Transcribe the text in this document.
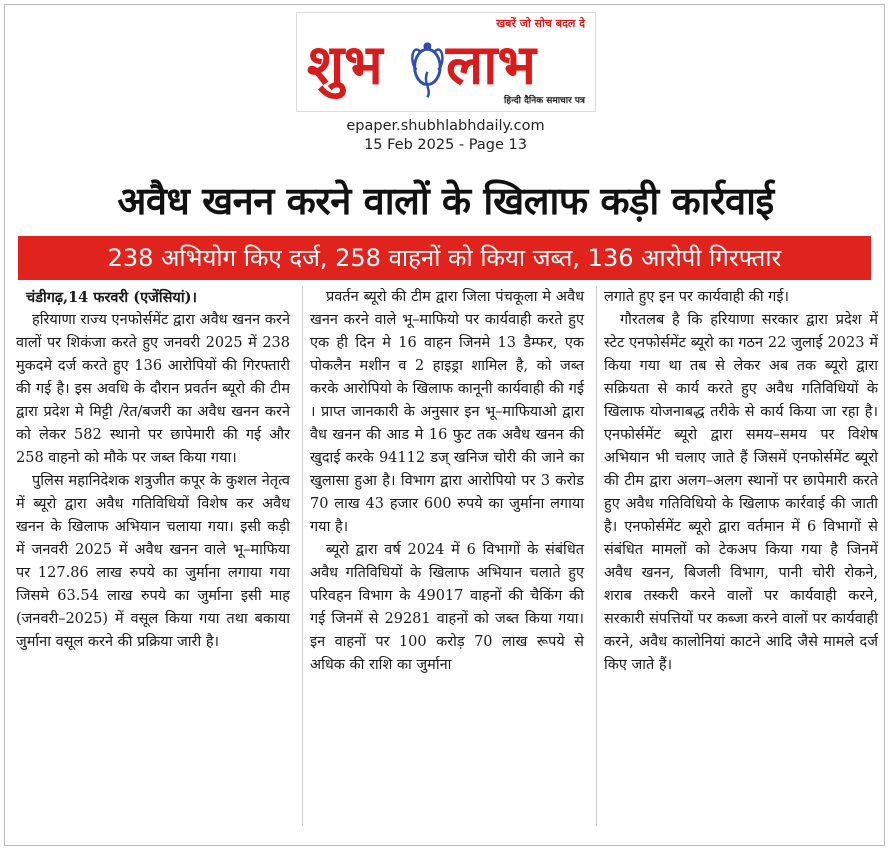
शुभ लाभ
खबरें जो सोच बदल दे
हिन्दी दैनिक समाचार पत्र
epaper.shubhlabhdaily.com
15 Feb 2025 - Page 13
अवैध खनन करने वालों के खिलाफ कड़ी कार्रवाई
238 अभियोग किए दर्ज, 258 वाहनों को किया जब्त, 136 आरोपी गिरफ्तार

चंडीगढ़,14 फरवरी (एजेंसियां)।

हरियाणा राज्य एनफोर्समेंट द्वारा अवैध खनन करने वालों पर शिकंजा करते हुए जनवरी 2025 में 238 मुकदमे दर्ज करते हुए 136 आरोपियों की गिरफ्तारी की गई है। इस अवधि के दौरान प्रवर्तन ब्यूरो की टीम द्वारा प्रदेश मे मिट्टी /रेत/बजरी का अवैध खनन करने को लेकर 582 स्थानो पर छापेमारी की गई और 258 वाहनो को मौके पर जब्त किया गया।

पुलिस महानिदेशक शत्रुजीत कपूर के कुशल नेतृत्व में ब्यूरो द्वारा अवैध गतिविधियों विशेष कर अवैध खनन के खिलाफ अभियान चलाया गया। इसी कड़ी में जनवरी 2025 में अवैध खनन वाले भू–माफिया पर 127.86 लाख रुपये का जुर्माना लगाया गया जिसमे 63.54 लाख रुपये का जुर्माना इसी माह (जनवरी–2025) में वसूल किया गया तथा बकाया जुर्माना वसूल करने की प्रक्रिया जारी है।

प्रवर्तन ब्यूरो की टीम द्वारा जिला पंचकूला मे अवैध खनन करने वाले भू–माफियो पर कार्यवाही करते हुए एक ही दिन मे 16 वाहन जिनमे 13 डैम्फर, एक पोकलैन मशीन व 2 हाइड्रा शामिल है, को जब्त करके आरोपियो के खिलाफ कानूनी कार्यवाही की गई । प्राप्त जानकारी के अनुसार इन भू–माफियाओ द्वारा वैध खनन की आड मे 16 फुट तक अवैध खनन की खुदाई करके 94112 डज् खनिज चोरी की जाने का खुलासा हुआ है। विभाग द्वारा आरोपियो पर 3 करोड 70 लाख 43 हजार 600 रुपये का जुर्माना लगाया गया है।

ब्यूरो द्वारा वर्ष 2024 में 6 विभागों के संबंधित अवैध गतिविधियों के खिलाफ अभियान चलाते हुए परिवहन विभाग के 49017 वाहनों की चैकिंग की गई जिनमें से 29281 वाहनों को जब्त किया गया। इन वाहनों पर 100 करोड़ 70 लाख रूपये से अधिक की राशि का जुर्माना

लगाते हुए इन पर कार्यवाही की गई।

गौरतलब है कि हरियाणा सरकार द्वारा प्रदेश में स्टेट एनफोर्समेंट ब्यूरो का गठन 22 जुलाई 2023 में किया गया था तब से लेकर अब तक ब्यूरो द्वारा सक्रियता से कार्य करते हुए अवैध गतिविधियों के खिलाफ योजनाबद्ध तरीके से कार्य किया जा रहा है। एनफोर्समेंट ब्यूरो द्वारा समय–समय पर विशेष अभियान भी चलाए जाते हैं जिसमें एनफोर्समेंट ब्यूरो की टीम द्वारा अलग–अलग स्थानों पर छापेमारी करते हुए अवैध गतिविधियो के खिलाफ कार्रवाई की जाती है। एनफोर्समेंट ब्यूरो द्वारा वर्तमान में 6 विभागों से संबंधित मामलों को टेकअप किया गया है जिनमें अवैध खनन, बिजली विभाग, पानी चोरी रोकने, शराब तस्करी करने वालों पर कार्यवाही करने, सरकारी संपत्तियों पर कब्जा करने वालों पर कार्यवाही करने, अवैध कालोनियां काटने आदि जैसे मामले दर्ज किए जाते हैं।
